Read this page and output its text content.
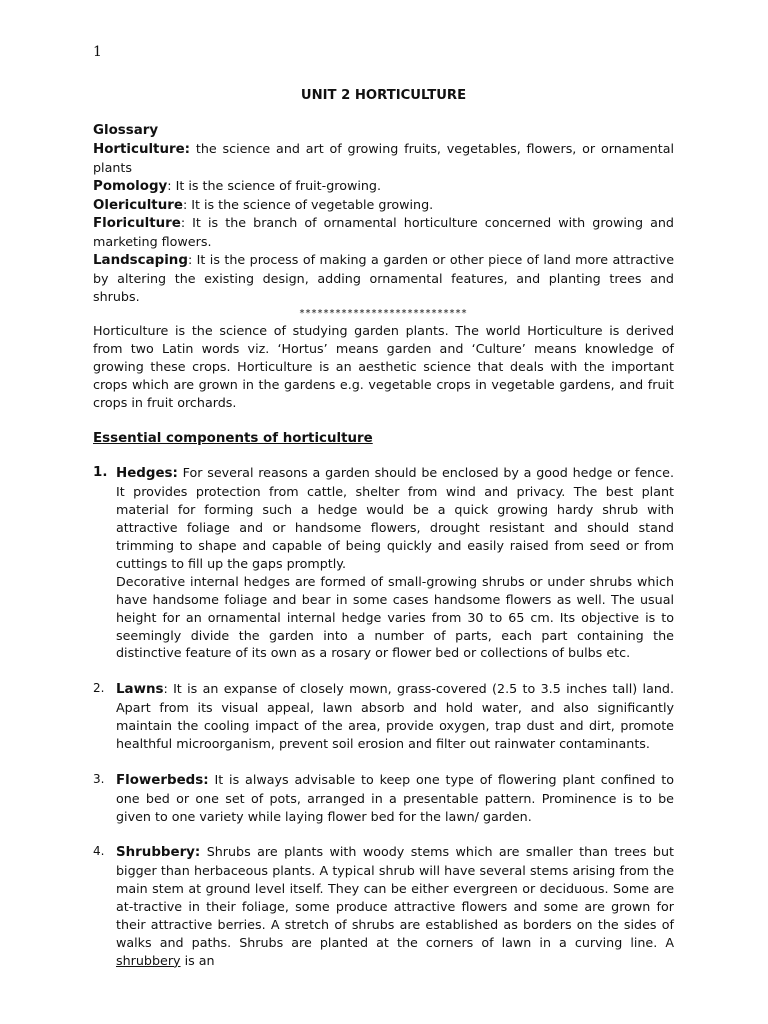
1
UNIT 2 HORTICULTURE
Glossary

Horticulture: the science and art of growing fruits, vegetables, flowers, or ornamental plants

Pomology: It is the science of fruit-growing.

Olericulture: It is the science of vegetable growing.

Floriculture: It is the branch of ornamental horticulture concerned with growing and marketing flowers.

Landscaping: It is the process of making a garden or other piece of land more attractive by altering the existing design, adding ornamental features, and planting trees and shrubs.

****************************

Horticulture is the science of studying garden plants. The world Horticulture is derived from two Latin words viz. ‘Hortus’ means garden and ‘Culture’ means knowledge of growing these crops. Horticulture is an aesthetic science that deals with the important crops which are grown in the gardens e.g. vegetable crops in vegetable gardens, and fruit crops in fruit orchards.

Essential components of horticulture
1. Hedges: For several reasons a garden should be enclosed by a good hedge or fence. It provides protection from cattle, shelter from wind and privacy. The best plant material for forming such a hedge would be a quick growing hardy shrub with attractive foliage and or handsome flowers, drought resistant and should stand trimming to shape and capable of being quickly and easily raised from seed or from cuttings to fill up the gaps promptly.

Decorative internal hedges are formed of small-growing shrubs or under shrubs which have handsome foliage and bear in some cases handsome flowers as well. The usual height for an ornamental internal hedge varies from 30 to 65 cm. Its objective is to seemingly divide the garden into a number of parts, each part containing the distinctive feature of its own as a rosary or flower bed or collections of bulbs etc.

2. Lawns: It is an expanse of closely mown, grass-covered (2.5 to 3.5 inches tall) land. Apart from its visual appeal, lawn absorb and hold water, and also significantly maintain the cooling impact of the area, provide oxygen, trap dust and dirt, promote healthful microorganism, prevent soil erosion and filter out rainwater contaminants.

3. Flowerbeds: It is always advisable to keep one type of flowering plant confined to one bed or one set of pots, arranged in a presentable pattern. Prominence is to be given to one variety while laying flower bed for the lawn/ garden.

4. Shrubbery: Shrubs are plants with woody stems which are smaller than trees but bigger than herbaceous plants. A typical shrub will have several stems arising from the main stem at ground level itself. They can be either evergreen or deciduous. Some are at-tractive in their foliage, some produce attractive flowers and some are grown for their attractive berries. A stretch of shrubs are established as borders on the sides of walks and paths. Shrubs are planted at the corners of lawn in a curving line. A shrubbery is an
